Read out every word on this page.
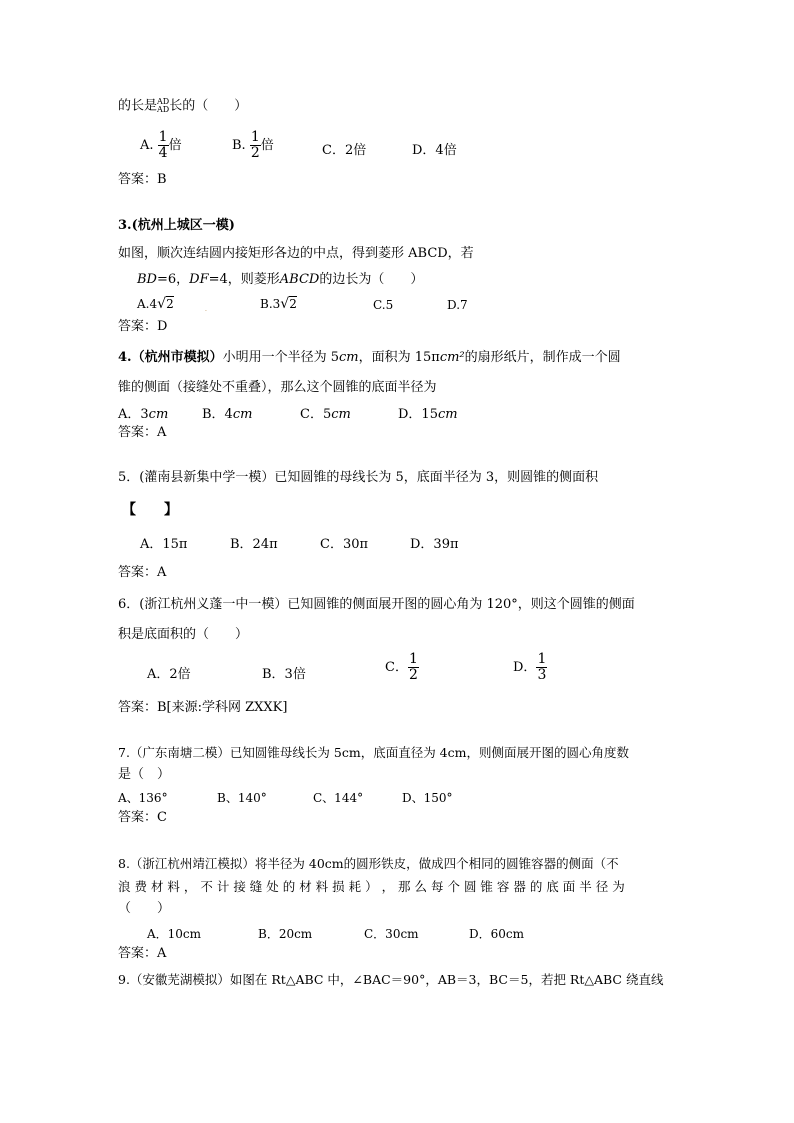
的长是 AD
AD 长的（　　）
A. $\frac{1}{4}$ 倍	B. $\frac{1}{2}$ 倍	C．2倍	D．4倍
答案：B
3.(杭州上城区一模)
如图，顺次连结圆内接矩形各边的中点，得到菱形 ABCD，若
BD=6，DF=4，则菱形ABCD的边长为（　　）
A.4 √ 2	.	B.3 √ 2	C.5	D.7
答案：D
4.（杭州市模拟）小明用一个半径为 5cm，面积为 15πcm²的扇形纸片，制作成一个圆
锥的侧面（接缝处不重叠），那么这个圆锥的底面半径为
A．3cm	B．4cm	C．5cm	D．15cm
答案：A
5．(灌南县新集中学一模）已知圆锥的母线长为 5，底面半径为 3，则圆锥的侧面积
【　　】
A．15π	B．24π	C．30π	D．39π
答案：A
6．(浙江杭州义蓬一中一模）已知圆锥的侧面展开图的圆心角为 120°，则这个圆锥的侧面
积是底面积的（　　）
A．2倍	B．3倍	C． $\frac{1}{2}$	D． $\frac{1}{3}$
答案：B[来源:学科网 ZXXK]
7.（广东南塘二模）已知圆锥母线长为 5cm，底面直径为 4cm，则侧面展开图的圆心角度数
是（　）
A、136°	B、140°	C、144°	D、150°
答案：C
8.（浙江杭州靖江模拟）将半径为 40cm的圆形铁皮，做成四个相同的圆锥容器的侧面（不
浪 费 材 料 ， 不 计 接 缝 处 的 材 料 损 耗 ） ， 那 么 每 个 圆 锥 容 器 的 底 面 半 径 为
（　　）
A．10cm	B．20cm	C．30cm	D．60cm
答案：A
9.（安徽芜湖模拟）如图在 Rt△ABC 中，∠BAC＝90°，AB＝3，BC＝5，若把 Rt△ABC 绕直线
